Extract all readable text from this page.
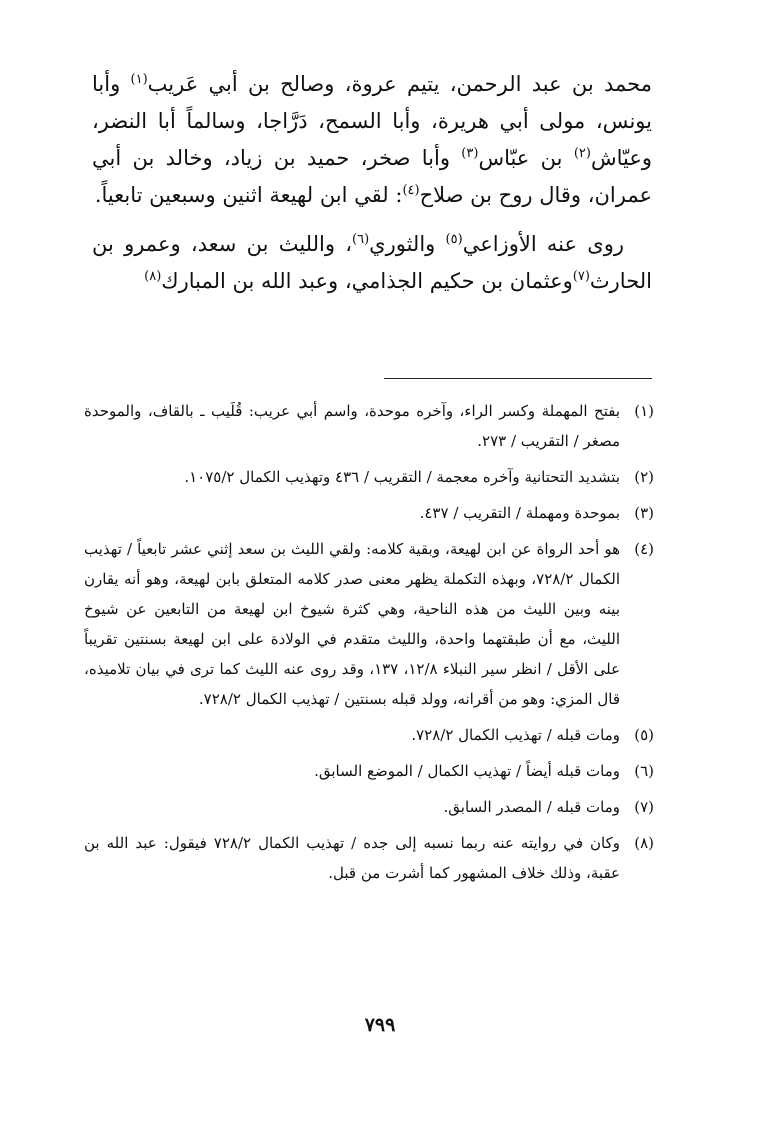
محمد بن عبد الرحمن، يتيم عروة، وصالح بن أبي عَريب$^{(١)}$ وأبا يونس، مولى أبي هريرة، وأبا السمح، دَرَّاجا، وسالماً أبا النضر، وعيّاش$^{(٢)}$ بن عبّاس$^{(٣)}$ وأبا صخر، حميد بن زياد، وخالد بن أبي عمران، وقال روح بن صلاح$^{(٤)}$: لقي ابن لهيعة اثنين وسبعين تابعياً.

روى عنه الأوزاعي$^{(٥)}$ والثوري$^{(٦)}$، والليث بن سعد، وعمرو بن الحارث$^{(٧)}$وعثمان بن حكيم الجذامي، وعبد الله بن المبارك$^{(٨)}$

(١)
بفتح المهملة وكسر الراء، وآخره موحدة، واسم أبي عريب: قُلَيب ـ بالقاف، والموحدة مصغر / التقريب / ٢٧٣.
(٢)
بتشديد التحتانية وآخره معجمة / التقريب / ٤٣٦ وتهذيب الكمال ١٠٧٥/٢.
(٣)
بموحدة ومهملة / التقريب / ٤٣٧.
(٤)
هو أحد الرواة عن ابن لهيعة، وبقية كلامه: ولقي الليث بن سعد إثني عشر تابعياً / تهذيب الكمال ٧٢٨/٢، وبهذه التكملة يظهر معنى صدر كلامه المتعلق بابن لهيعة، وهو أنه يقارن بينه وبين الليث من هذه الناحية، وهي كثرة شيوخ ابن لهيعة من التابعين عن شيوخ الليث، مع أن طبقتهما واحدة، والليث متقدم في الولادة على ابن لهيعة بسنتين تقريباً على الأقل / انظر سير النبلاء ١٢/٨، ١٣٧، وقد روى عنه الليث كما ترى في بيان تلاميذه، قال المزي: وهو من أقرانه، وولد قبله بسنتين / تهذيب الكمال ٧٢٨/٢.
(٥)
ومات قبله / تهذيب الكمال ٧٢٨/٢.
(٦)
ومات قبله أيضاً / تهذيب الكمال / الموضع السابق.
(٧)
ومات قبله / المصدر السابق.
(٨)
وكان في روايته عنه ربما نسبه إلى جده / تهذيب الكمال ٧٢٨/٢ فيقول: عبد الله بن عقبة، وذلك خلاف المشهور كما أشرت من قبل.
٧٩٩
